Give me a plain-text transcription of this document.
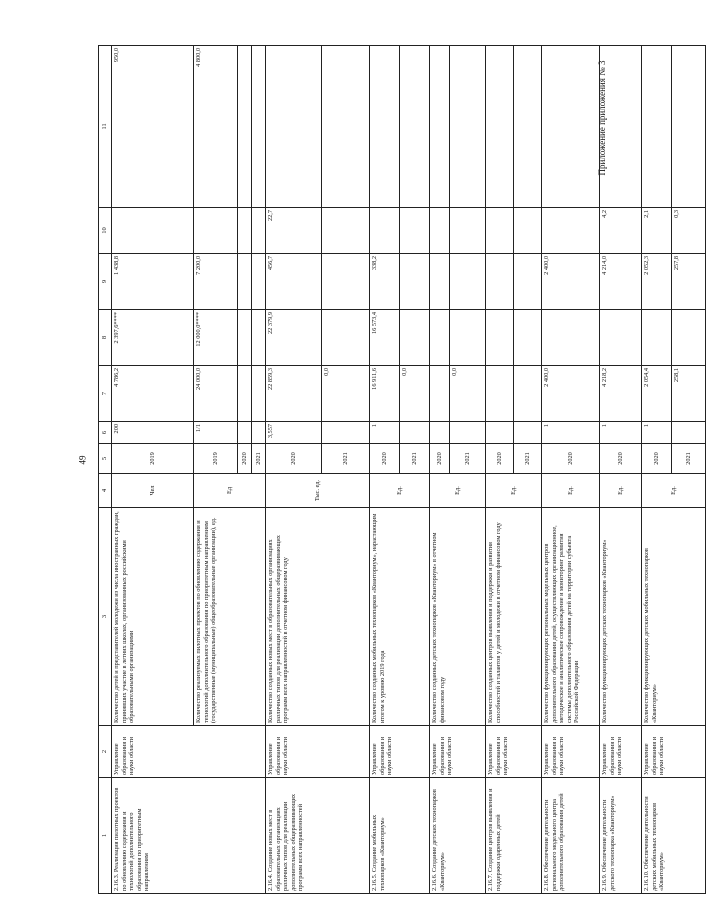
49
Приложение приложения № 3
1	2	3	4	5	6	7	8	9	10	11
2.16.3. Реализация пилотных проектов по обновлению содержания и технологий дополнительного образования по приоритетным направлениям	Управление образования и науки области	Количество детей и представителей молодежи из числа иностранных граждан, принявших участие в летних школах, организованных российскими образовательными организациями	Чел	2019	200	4 786,2	2 397,6****	1 438,8		950,0
		Количество реализуемых пилотных проектов по обновлению содержания и технологий дополнительного образования по приоритетным направлениям (государственные (муниципальные) общеобразовательные организации), ед.	Ед	2019	1/1	24 000,0	12 000,0****	7 200,0		4 800,0
				2020						
				2021						
2.16.4. Создание новых мест в образовательных организациях различных типов для реализации дополнительных общеразвивающих программ всех направленностей	Управление образования и науки области	Количество созданных новых мест в образовательных организациях различных типов для реализации дополнительных общеразвивающих программ всех направленностей в отчетном финансовом году	Тыс. ед.	2020	3,557	22 859,3	22 379,9	456,7	22,7	
				2021		0,0				
2.16.5. Создание мобильных технопарков «Кванториум»	Управление образования и науки области	Количество созданных мобильных технопарков «Кванториум», нарастающим итогом к уровню 2019 года	Ед.	2020	1	16 911,6	16 573,4	338,2		
				2021		0,0				
2.16.6. Создание детских технопарков «Кванториум»	Управление образования и науки области	Количество созданных детских технопарков «Кванториум» в отчетном финансовом году	Ед.	2020						
				2021		0,0				
2.16.7. Создание центров выявления и поддержки одаренных детей	Управление образования и науки области	Количество созданных центров выявления и поддержки и развития способностей и талантов у детей и молодежи в отчетном финансовом году	Ед.	2020						
				2021						
2.16.8. Обеспечение деятельности регионального модельного центра дополнительного образования детей	Управление образования и науки области	Количество функционирующих региональных модельных центров дополнительного образования детей, осуществляющих организационное, методическое и аналитическое сопровождение и мониторинг развития системы дополнительного образования детей на территории субъекта Российской Федерации	Ед.	2020	1	2 400,0		2 400,0		
2.16.9. Обеспечение деятельности детского технопарка «Кванториум»	Управление образования и науки области	Количество функционирующих детских технопарков «Кванториум»	Ед.	2020	1	4 218,2		4 214,0	4,2	
2.16.10. Обеспечение деятельности детских мобильных технопарков «Кванториум»	Управление образования и науки области	Количество функционирующих детских мобильных технопарков «Кванториум»	Ед.	2020	1	2 054,4		2 052,3	2,1	
				2021		258,1		257,8	0,3	
